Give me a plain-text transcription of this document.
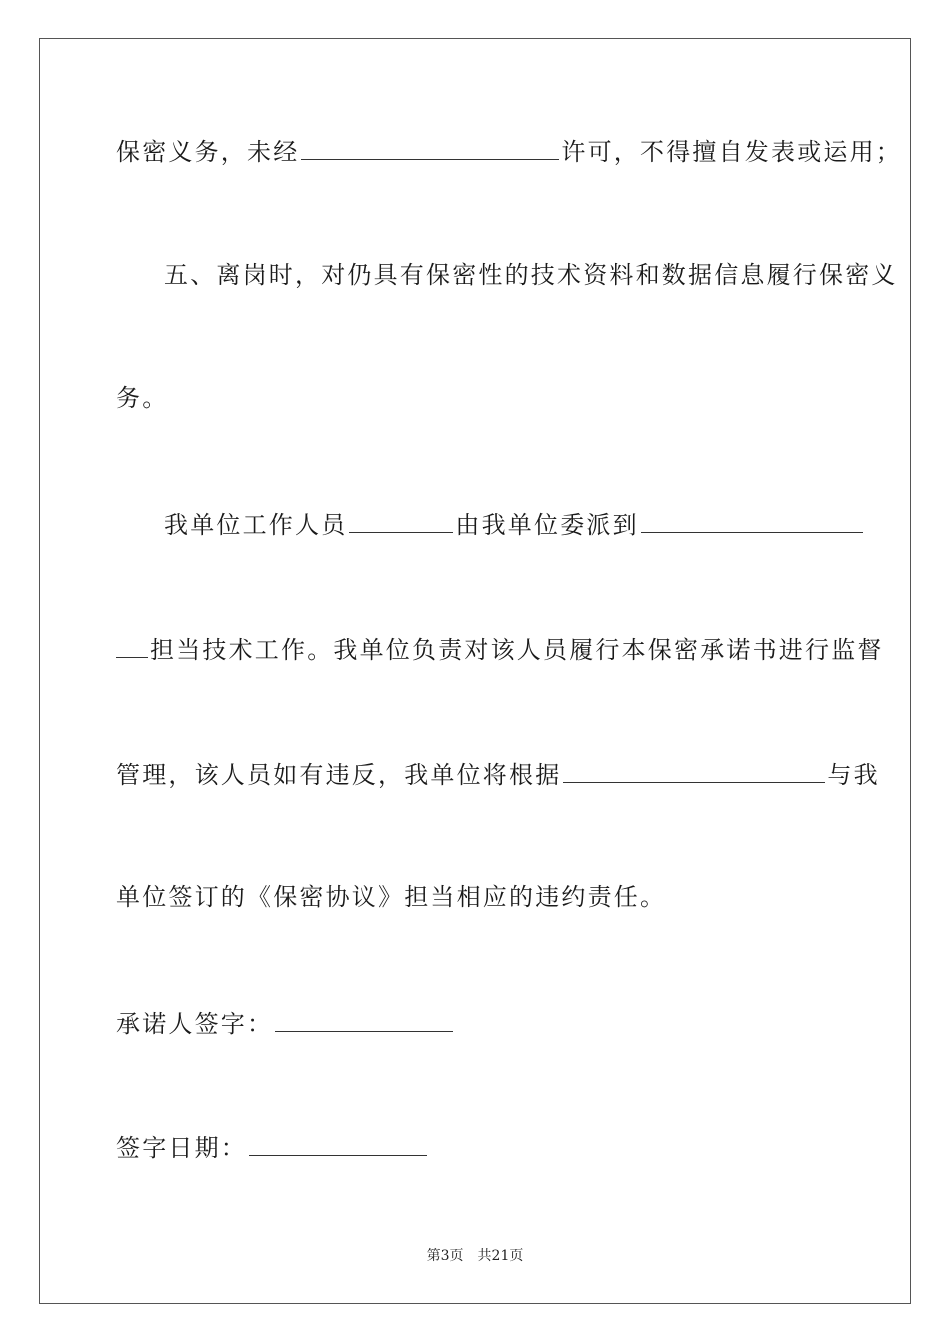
保密义务，未经	许可，不得擅自发表或运用；
五、离岗时，对仍具有保密性的技术资料和数据信息履行保密义
务。
我单位工作人员	由我单位委派到
担当技术工作。我单位负责对该人员履行本保密承诺书进行监督
管理，该人员如有违反，我单位将根据	与我
单位签订的《保密协议》担当相应的违约责任。
承诺人签字：
签字日期：
第3页 共21页
